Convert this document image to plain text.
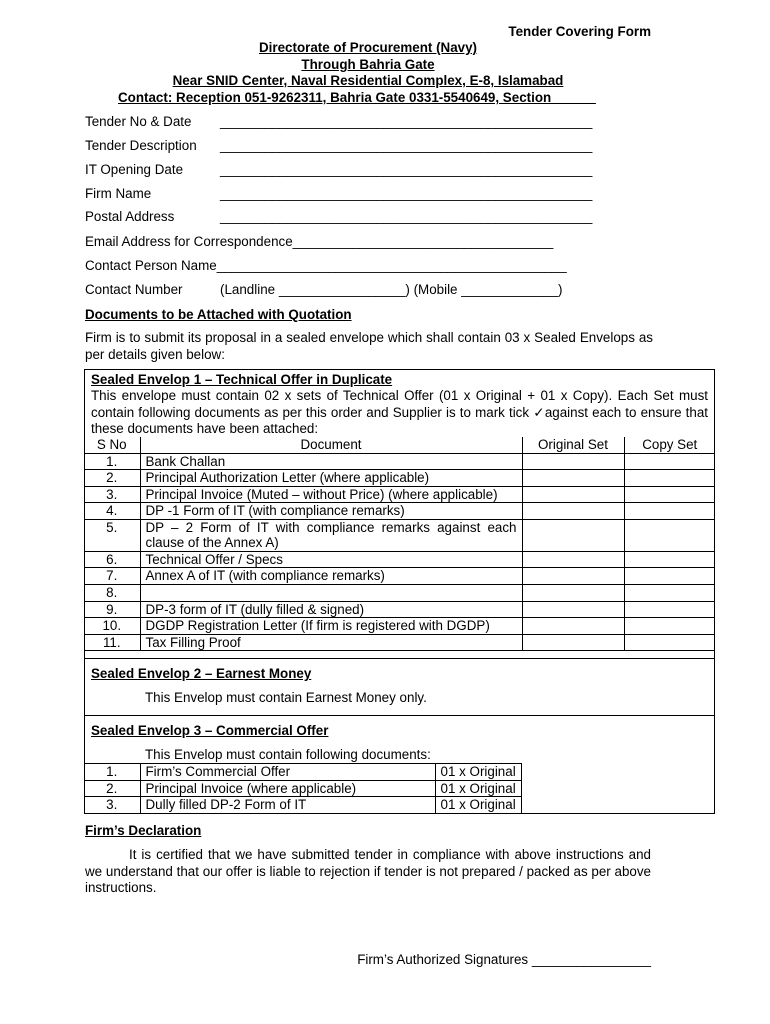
Tender Covering Form
Directorate of Procurement (Navy)
Through Bahria Gate
Near SNID Center, Naval Residential Complex, E-8, Islamabad
Contact: Reception 051-9262311, Bahria Gate 0331-5540649, Section______
Tender No & Date __________________________________________________
Tender Description __________________________________________________
IT Opening Date	__________________________________________________
Firm Name	__________________________________________________
Postal Address	__________________________________________________
Email Address for Correspondence___________________________________
Contact Person Name_______________________________________________
Contact Number	(Landline _________________) (Mobile _____________)
Documents to be Attached with Quotation
Firm is to submit its proposal in a sealed envelope which shall contain 03 x Sealed Envelops as per details given below:
Sealed Envelop 1 – Technical Offer in Duplicate
This envelope must contain 02 x sets of Technical Offer (01 x Original + 01 x Copy). Each Set must contain following documents as per this order and Supplier is to mark tick ✓against each to ensure that these documents have been attached:
S No	Document	Original Set	Copy Set
1.	Bank Challan		
2.	Principal Authorization Letter (where applicable)		
3.	Principal Invoice (Muted – without Price) (where applicable)		
4.	DP -1 Form of IT (with compliance remarks)		
5.	DP – 2 Form of IT with compliance remarks against each clause of the Annex A)		
6.	Technical Offer / Specs		
7.	Annex A of IT (with compliance remarks)		
8.			
9.	DP-3 form of IT (dully filled & signed)		
10.	DGDP Registration Letter (If firm is registered with DGDP)		
11.	Tax Filling Proof		
Sealed Envelop 2 – Earnest Money
This Envelop must contain Earnest Money only.
Sealed Envelop 3 – Commercial Offer
This Envelop must contain following documents:
1.	Firm’s Commercial Offer	01 x Original
2.	Principal Invoice (where applicable)	01 x Original
3.	Dully filled DP-2 Form of IT	01 x Original
Firm’s Declaration
It is certified that we have submitted tender in compliance with above instructions and we understand that our offer is liable to rejection if tender is not prepared / packed as per above instructions.
Firm’s Authorized Signatures ________________
